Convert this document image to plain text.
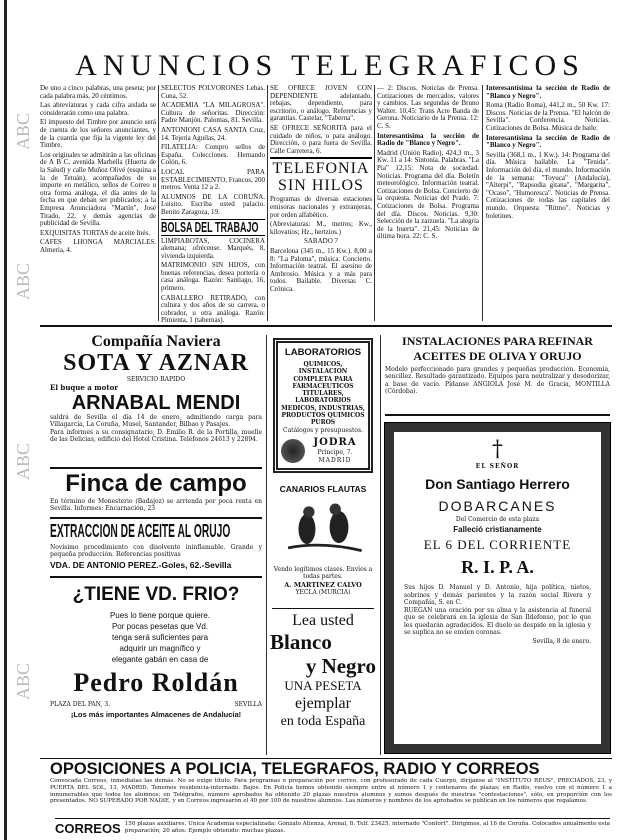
ABC
ABC
ABC
ABC
ANUNCIOS TELEGRAFICOS

De uno a cinco palabras, una peseta; por cada palabra más, 20 céntimos.

Las abreviaturas y cada cifra aislada se considerarán como una palabra.

El impuesto del Timbre por anuncio será de cuenta de los señores anunciantes, y de la cuantía que fija la vigente ley del Timbre.

Los originales se admitirán a las oficinas de A B C, avenida Marbella (Huerta de la Salud) y calle Muñoz Olivé (esquina a la de Tetuán), acompañados de su importe en metálico, sellos de Correo u otra forma análoga, el día antes de la fecha en que deban ser publicados; a la Empresa Anunciadora "Martín", José Tirado, 22, y demás agencias de publicidad de Sevilla.

EXQUISITAS TORTAS de aceite Inés.

CAFES LHONGA MARCIALES. Almeria, 4.

SELECTOS POLVORONES Lebas. Cuna, 52.

ACADEMIA "LA MILAGROSA". Cultura de señoritas. Dirección: Padre Manjón. Palomas, 81. Sevilla.

ANTONIONI CASA SANTA Cruz, 14. Tejeria Aguilas, 24.

FILATELIA: Compro sellos de España. Colecciones. Hernando Colón, 6.

LOCAL PARA ESTABLECIMIENTO, Francos, 200 metros. Venta 12 a 2.

ALUMNOS DE LA CORUÑA. Luisito. Escriba usted palacio. Benito Zaragoza, 19.

BOLSA DEL TRABAJO

LIMPIABOTAS, COCINERA alemana; ofrécense. Marqués, 8, vivienda izquierda.

MATRIMONIO SIN HIJOS, con buenas referencias, desea portería o casa análoga. Razón: Santiago, 16, primero.

CABALLERO RETIRADO, con cultura y dos años de su carrera, o cobrador, u otra análoga. Razón: Pimienta, 1 (tabernas).

SE OFRECE JOVEN CON DEPENDIENTE adelantado, rebajas, dependiente, para escritorio, o análogo. Referencias y garantías. Castelar, "Taberna".

SE OFRECE SEÑORITA para el cuidado de niños, o para análogo. Dirección, o para fuera de Sevilla. Calle Carretera, 6.

TELEFONIA SIN HILOS

Programas de diversas estaciones emisoras nacionales y extranjeras, por orden alfabético.

(Abreviaturas: M., metros; Kw., kilovatios; Hz., hertzios.)

SABADO 7

Barcelona (345 m., 15 Kw.). 8,00 a 8: "La Paloma", música. Concierto. Información teatral. El asesino de Ambrosio. Música y a más para todos. Bailable. Diversas C. Crónica.

— 2: Discos. Noticias de Prensa. Cotizaciones de mercados, valores y cambios. Las segundas de Bruno Walter. 10,45: Trans Acre Banda de Gerona. Noticiario de la Prensa. 12: C. S.

Interesantísima la sección de Radio de "Blanco y Negro".

Madrid (Unión Radio), 424,3 m., 3 Kw. 11 a 14: Sintonía. Palabras. "La Pia" 12,15: Nota de sociedad. Noticias. Programa del día. Boletín meteorológico. Información teatral. Cotizaciones de Bolsa. Concierto de la orquesta. Noticias del Prado. 7: Cotizaciones de Bolsa. Programa del día. Discos. Noticias. 9,30: Selección de la zarzuela. "La alegría de la huerta". 21,45: Noticias de última hora. 22: C. S.

Interesantísima la sección de Radio de "Blanco y Negro".

Roma (Radio Roma), 441,2 m., 50 Kw. 17: Discos. Noticias de la Prensa. "El halcón de Sevilla". Conferencia. Noticias. Cotizaciones de Bolsa. Música de baile.

Interesantísima la sección de Radio de "Blanco y Negro".

Sevilla (368,1 m., 1 Kw.). 14: Programa del día. Música bailable. La "Tenida". Información del día, el mundo. Información de la semana: "Toyuca" (Andalucía), "Alterpi", "Rapsodia gitana", "Margarita", "Ocaso", "Humoresca". Noticias de Prensa. Cotizaciones de todas las capitales del mundo. Orquesta "Ritmo". Noticias y boletines.

Compañía Naviera
SOTA Y AZNAR
SERVICIO RAPIDO
El buque a motor
ARNABAL MENDI
saldrá de Sevilla el día 14 de enero, admitiendo carga para Villagarcía, La Coruña, Musel, Santander, Bilbao y Pasajes.
Para informes a su consignatario, D. Emilio R. de la Portilla, muelle de las Delicias, edificio del Hotel Cristina. Teléfonos 24613 y 22894.
Finca de campo
En término de Monesterio (Badajoz) se arrienda por poca renta en Sevilla. Informes: Encarnación, 23
EXTRACCION DE ACEITE AL ORUJO
Novísimo procedimiento con disolvente ininflamable. Grande y pequeña producción. Referencias positivas
VDA. DE ANTONIO PEREZ.-Goles, 62.-Sevilla
¿TIENE VD. FRIO?
Pues lo tiene porque quiere. Por pocas pesetas que Vd. tenga será suficientes para adquirir un magnífico y elegante gabán en casa de
Pedro Roldán
PLAZA DEL PAN, 3.	SEVILLA
¡Los más importantes Almacenes de Andalucía!
LABORATORIOS
QUIMICOS, INSTALACION COMPLETA PARA FARMACEUTICOS TITULARES, LABORATORIOS MEDICOS, INDUSTRIAS, PRODUCTOS QUIMICOS PUROS
Catálogos y presupuestos.
JODRA
Príncipe, 7.
MADRID
CANARIOS FLAUTAS
Vendo legítimos clases. Envíos a todas partes.
A. MARTINEZ CALVO
YECLA (MURCIA)
Lea usted
Blanco
y Negro
UNA PESETA
ejemplar
en toda España
INSTALACIONES PARA REFINAR ACEITES DE OLIVA Y ORUJO
Modelo perfeccionado para grandes y pequeñas producción. Economía, sencillez. Resultado garantizado. Equipos para neutralizar y desodorizar, a base de vacío. Pídanse ANGIOLA José M. de Gracia, MONTILLA (Córdoba).
†
EL SEÑOR
Don Santiago Herrero
DOBARCANES
Del Comercio de esta plaza
Falleció cristianamente
EL 6 DEL CORRIENTE
R. I. P. A.
Sus hijos D. Manuel y D. Antonio, hija política, nietos, sobrinos y demás parientes y la razón social Rivera y Compañía, S. en C.
RUEGAN una oración por su alma y la asistencia al funeral que se celebrará en la iglesia de San Ildefonso, por lo que les quedarán agradecidos. El duelo se despide en la iglesia y se suplica no se envíen coronas.
Sevilla, 8 de enero.
OPOSICIONES A POLICIA, TELEGRAFOS, RADIO Y CORREOS
Convocada Correos, inmediatas las demás. No se exige título. Para programas o preparación por correo, con profesorado de cada Cuerpo, diríjanse al "INSTITUTO REUS", PRECIADOS, 23, y PUERTA DEL SOL, 13, MADRID. Tenemos residencia-internado. Bajos. En Policía hemos obtenido siempre entre el número 1 y centenares de plazas; en Radio, vuelvo con el número 1 a innumerables que todos los alumnos; en Telégrafos, número aprobados ha obtenido 20 plazas nuestros alumnos y somos después de nuestras "contestaciones", sólo, en proporción con los presentados. NO SUPERADO POR NADIE, y en Correos ingresaron el 40 por 100 de nuestros alumnos. Las números y nombres de los aprobados se publican en los números que regalamos.
CORREOS 150 plazas auxiliares. Única Academia especializada: Gonzalo Atienza, Arenal, 8. Telf. 23425, internado "Confort". Dirigimos, al 16 de Coruña. Colocados anualmente esta preparación, 20 años. Ejemplo obtenido: muchas plazas.
